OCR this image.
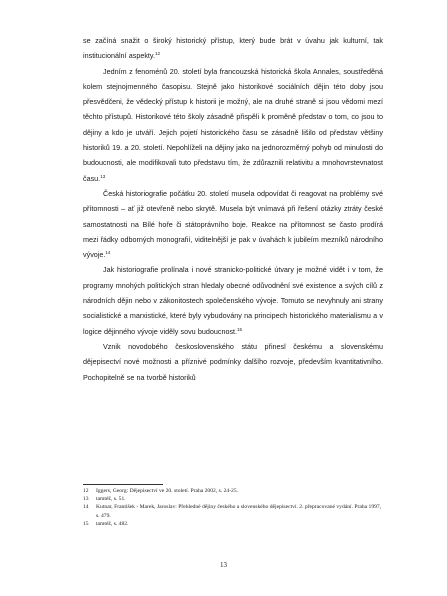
se začíná snažit o široký historický přístup, který bude brát v úvahu jak kulturní, tak institucionální aspekty.$^{12}$

Jedním z fenoménů 20. století byla francouzská historická škola Annales, soustředěná kolem stejnojmenného časopisu. Stejně jako historikové sociálních dějin této doby jsou přesvědčeni, že vědecký přístup k historii je možný, ale na druhé straně si jsou vědomi mezí těchto přístupů. Historikové této školy zásadně přispěli k proměně představ o tom, co jsou to dějiny a kdo je utváří. Jejich pojetí historického času se zásadně lišilo od představ většiny historiků 19. a 20. století. Nepohlíželi na dějiny jako na jednorozměrný pohyb od minulosti do budoucnosti, ale modifikovali tuto představu tím, že zdůraznili relativitu a mnohovrstevnatost času.$^{13}$

Česká historiografie počátku 20. století musela odpovídat či reagovat na problémy své přítomnosti – ať již otevřeně nebo skrytě. Musela být vnímavá při řešení otázky ztráty české samostatnosti na Bílé hoře či státoprávního boje. Reakce na přítomnost se často prodírá mezi řádky odborných monografií, viditelnější je pak v úvahách k jubileím mezníků národního vývoje.$^{14}$

Jak historiografie prolínala i nové stranicko-politické útvary je možné vidět i v tom, že programy mnohých politických stran hledaly obecné odůvodnění své existence a svých cílů z národních dějin nebo v zákonitostech společenského vývoje. Tomuto se nevyhnuly ani strany socialistické a marxistické, které byly vybudovány na principech historického materialismu a v logice dějinného vývoje viděly sovu budoucnost.$^{15}$

Vznik novodobého československého státu přinesl českému a slovenskému dějepisectví nové možnosti a příznivé podmínky dalšího rozvoje, především kvantitativního. Pochopitelně se na tvorbě historiků

12	Iggers, Georg: Dějepisectví ve 20. století. Praha 2002, s. 24-25.
13	tamtéž, s. 51.
14	Kutnar, František - Marek, Jaroslav: Přehledné dějiny českého a slovenského dějepisectví. 2. přepracované vydání. Praha 1997, s. 479.
15	tamtéž, s. 482.
13
